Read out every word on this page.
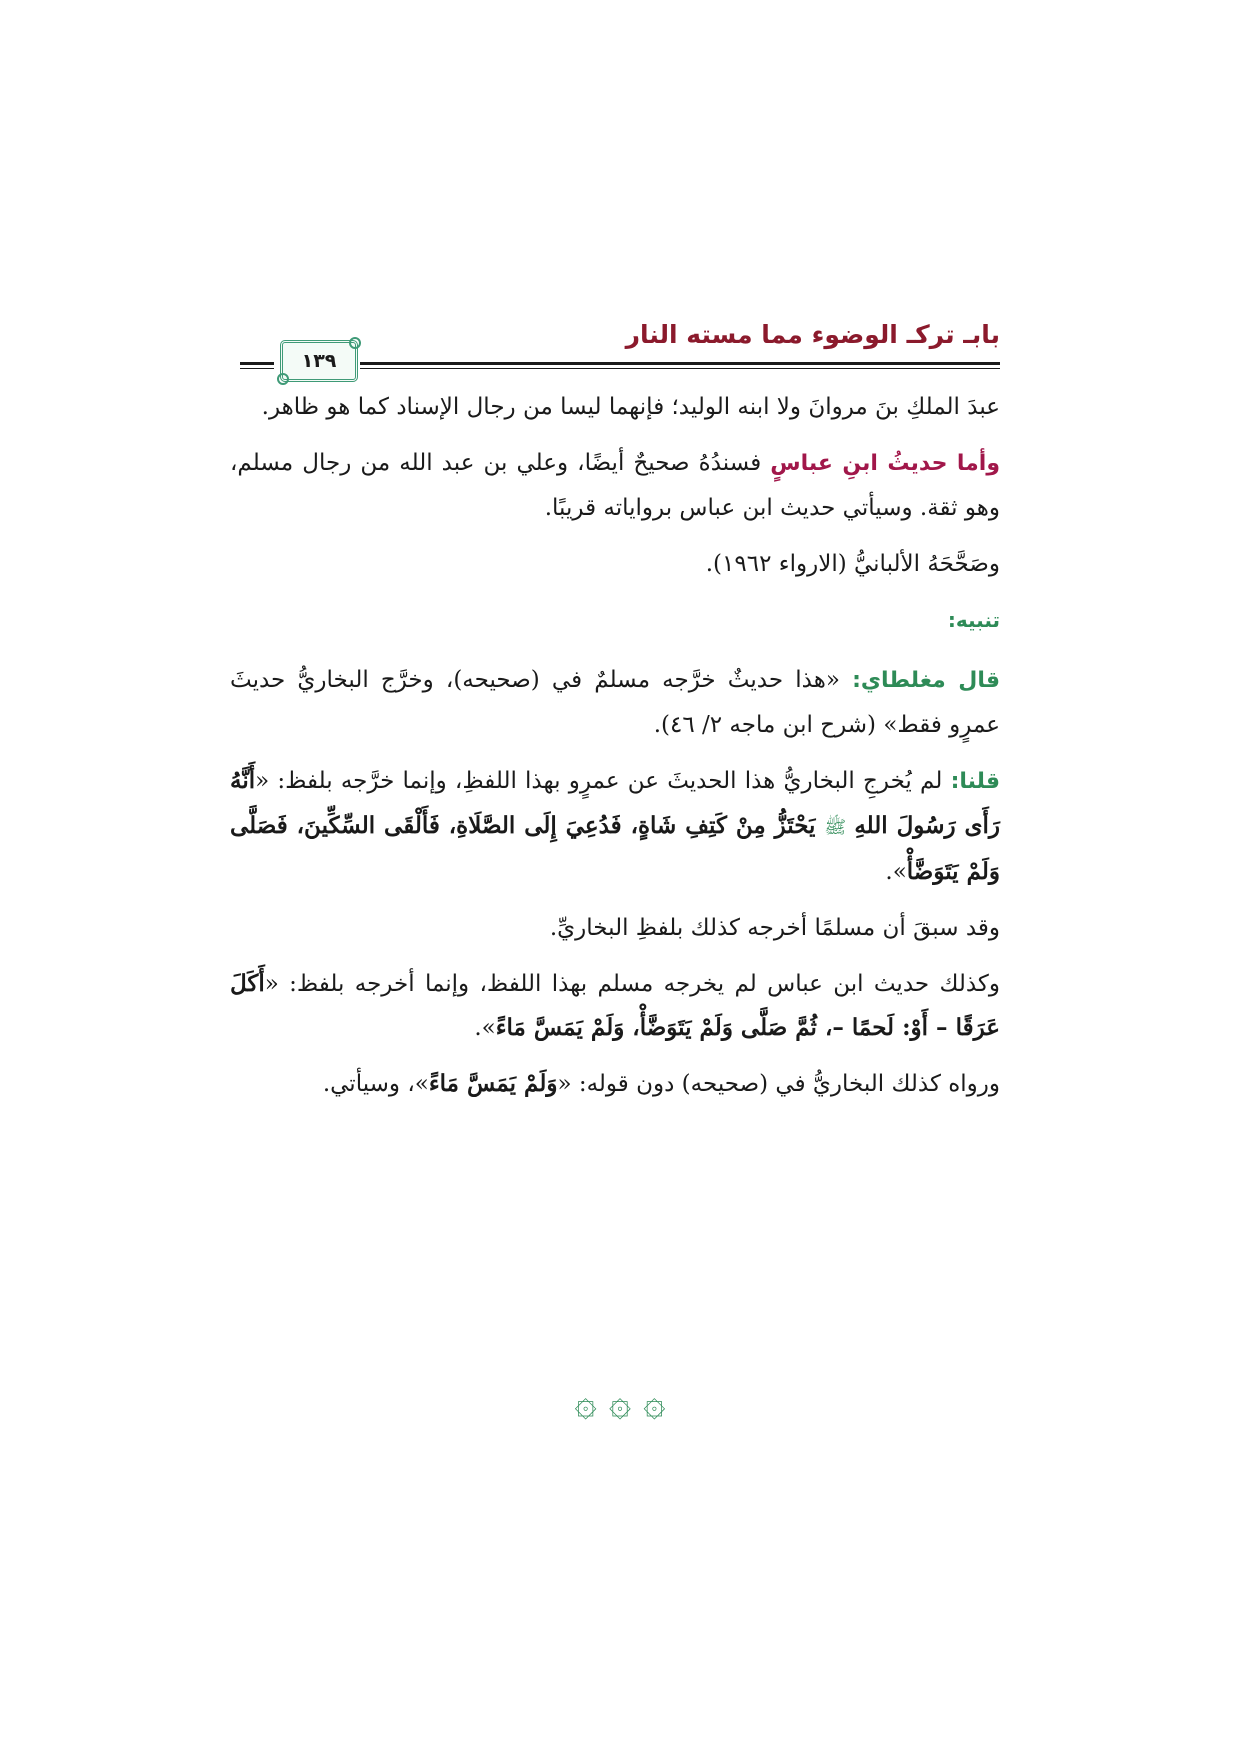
بابـ تركـ الوضوء مما مسته النار
١٣٩

عبدَ الملكِ بنَ مروانَ ولا ابنه الوليد؛ فإنهما ليسا من رجال الإسناد كما هو ظاهر.

وأما حديثُ ابنِ عباسٍ فسندُهُ صحيحٌ أيضًا، وعلي بن عبد الله من رجال مسلم، وهو ثقة. وسيأتي حديث ابن عباس برواياته قريبًا.

وصَحَّحَهُ الألبانيُّ (الارواء ١٩٦٢).

تنبيه:

قال مغلطاي: «هذا حديثٌ خرَّجه مسلمٌ في (صحيحه)، وخرَّج البخاريُّ حديثَ عمرٍو فقط» (شرح ابن ماجه ٢/ ٤٦).

قلنا: لم يُخرجِ البخاريُّ هذا الحديثَ عن عمرٍو بهذا اللفظِ، وإنما خرَّجه بلفظ: «أَنَّهُ رَأَى رَسُولَ اللهِ ﷺ يَحْتَزُّ مِنْ كَتِفِ شَاةٍ، فَدُعِيَ إِلَى الصَّلَاةِ، فَأَلْقَى السِّكِّينَ، فَصَلَّى وَلَمْ يَتَوَضَّأْ».

وقد سبقَ أن مسلمًا أخرجه كذلك بلفظِ البخاريِّ.

وكذلك حديث ابن عباس لم يخرجه مسلم بهذا اللفظ، وإنما أخرجه بلفظ: «أَكَلَ عَرَقًا – أَوْ: لَحمًا –، ثُمَّ صَلَّى وَلَمْ يَتَوَضَّأْ، وَلَمْ يَمَسَّ مَاءً».

ورواه كذلك البخاريُّ في (صحيحه) دون قوله: «وَلَمْ يَمَسَّ مَاءً»، وسيأتي.

۞ ۞ ۞
